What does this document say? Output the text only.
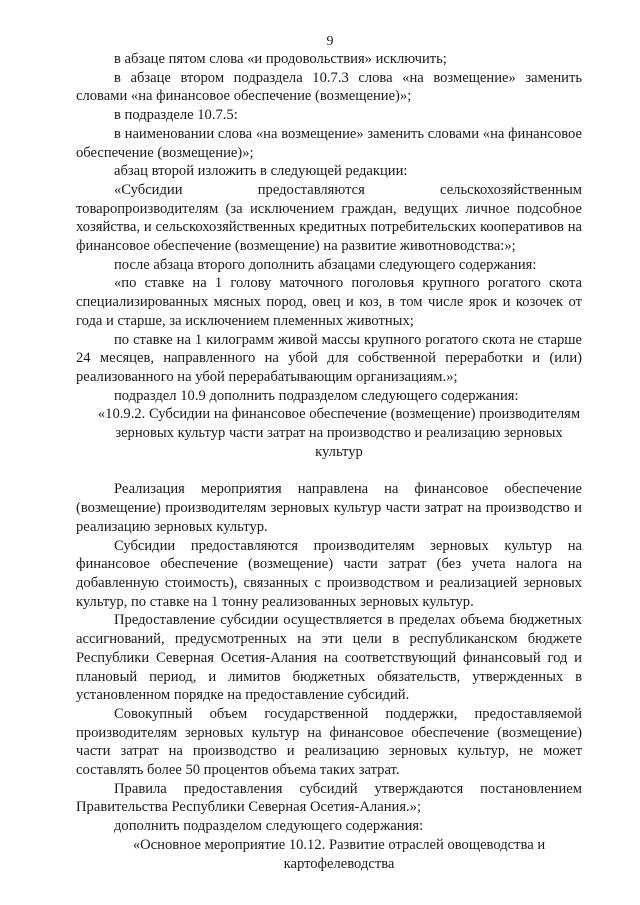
9

в абзаце пятом слова «и продовольствия» исключить;

в абзаце втором подраздела 10.7.3 слова «на возмещение» заменить словами «на финансовое обеспечение (возмещение)»;

в подразделе 10.7.5:

в наименовании слова «на возмещение» заменить словами «на финансовое обеспечение (возмещение)»;

абзац второй изложить в следующей редакции:

«Субсидии предоставляются сельскохозяйственным товаропроизводителям (за исключением граждан, ведущих личное подсобное хозяйства, и сельскохозяйственных кредитных потребительских кооперативов на финансовое обеспечение (возмещение) на развитие животноводства:»;

после абзаца второго дополнить абзацами следующего содержания:

«по ставке на 1 голову маточного поголовья крупного рогатого скота специализированных мясных пород, овец и коз, в том числе ярок и козочек от года и старше, за исключением племенных животных;

по ставке на 1 килограмм живой массы крупного рогатого скота не старше 24 месяцев, направленного на убой для собственной переработки и (или) реализованного на убой перерабатывающим организациям.»;

подраздел 10.9 дополнить подразделом следующего содержания:

«10.9.2. Субсидии на финансовое обеспечение (возмещение) производителям зерновых культур части затрат на производство и реализацию зерновых культур

Реализация мероприятия направлена на финансовое обеспечение (возмещение) производителям зерновых культур части затрат на производство и реализацию зерновых культур.

Субсидии предоставляются производителям зерновых культур на финансовое обеспечение (возмещение) части затрат (без учета налога на добавленную стоимость), связанных с производством и реализацией зерновых культур, по ставке на 1 тонну реализованных зерновых культур.

Предоставление субсидии осуществляется в пределах объема бюджетных ассигнований, предусмотренных на эти цели в республиканском бюджете Республики Северная Осетия-Алания на соответствующий финансовый год и плановый период, и лимитов бюджетных обязательств, утвержденных в установленном порядке на предоставление субсидий.

Совокупный объем государственной поддержки, предоставляемой производителям зерновых культур на финансовое обеспечение (возмещение) части затрат на производство и реализацию зерновых культур, не может составлять более 50 процентов объема таких затрат.

Правила предоставления субсидий утверждаются постановлением Правительства Республики Северная Осетия-Алания.»;

дополнить подразделом следующего содержания:

«Основное мероприятие 10.12. Развитие отраслей овощеводства и картофелеводства
